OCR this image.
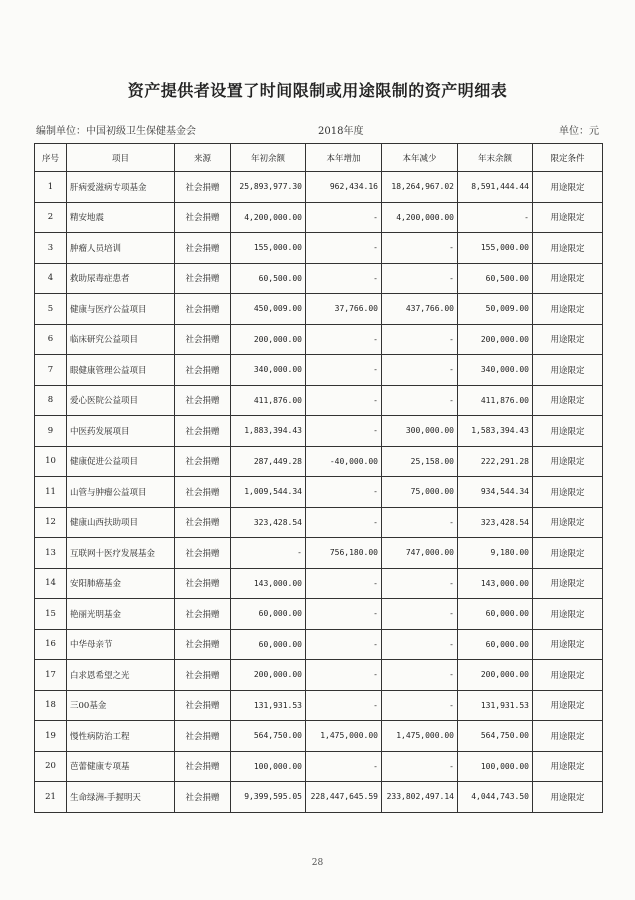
资产提供者设置了时间限制或用途限制的资产明细表
编制单位：中国初级卫生保健基金会	2018年度	单位：元
序号	项目	来源	年初余额	本年增加	本年减少	年末余额	限定条件
1	肝病爱滋病专项基金	社会捐赠	25,893,977.30	962,434.16	18,264,967.02	8,591,444.44	用途限定
2	精安地震	社会捐赠	4,200,000.00	-	4,200,000.00	-	用途限定
3	肿瘤人员培训	社会捐赠	155,000.00	-	-	155,000.00	用途限定
4	救助尿毒症患者	社会捐赠	60,500.00	-	-	60,500.00	用途限定
5	健康与医疗公益项目	社会捐赠	450,009.00	37,766.00	437,766.00	50,009.00	用途限定
6	临床研究公益项目	社会捐赠	200,000.00	-	-	200,000.00	用途限定
7	眼健康管理公益项目	社会捐赠	340,000.00	-	-	340,000.00	用途限定
8	爱心医院公益项目	社会捐赠	411,876.00	-	-	411,876.00	用途限定
9	中医药发展项目	社会捐赠	1,883,394.43	-	300,000.00	1,583,394.43	用途限定
10	健康促进公益项目	社会捐赠	287,449.28	-40,000.00	25,158.00	222,291.28	用途限定
11	山管与肿瘤公益项目	社会捐赠	1,009,544.34	-	75,000.00	934,544.34	用途限定
12	健康山西扶助项目	社会捐赠	323,428.54	-	-	323,428.54	用途限定
13	互联网十医疗发展基金	社会捐赠	-	756,180.00	747,000.00	9,180.00	用途限定
14	安阳肺癌基金	社会捐赠	143,000.00	-	-	143,000.00	用途限定
15	艳丽光明基金	社会捐赠	60,000.00	-	-	60,000.00	用途限定
16	中华母亲节	社会捐赠	60,000.00	-	-	60,000.00	用途限定
17	白求恩希望之光	社会捐赠	200,000.00	-	-	200,000.00	用途限定
18	三00基金	社会捐赠	131,931.53	-	-	131,931.53	用途限定
19	慢性病防治工程	社会捐赠	564,750.00	1,475,000.00	1,475,000.00	564,750.00	用途限定
20	芭蕾健康专项基	社会捐赠	100,000.00	-	-	100,000.00	用途限定
21	生命绿洲-手握明天	社会捐赠	9,399,595.05	228,447,645.59	233,802,497.14	4,044,743.50	用途限定
28
